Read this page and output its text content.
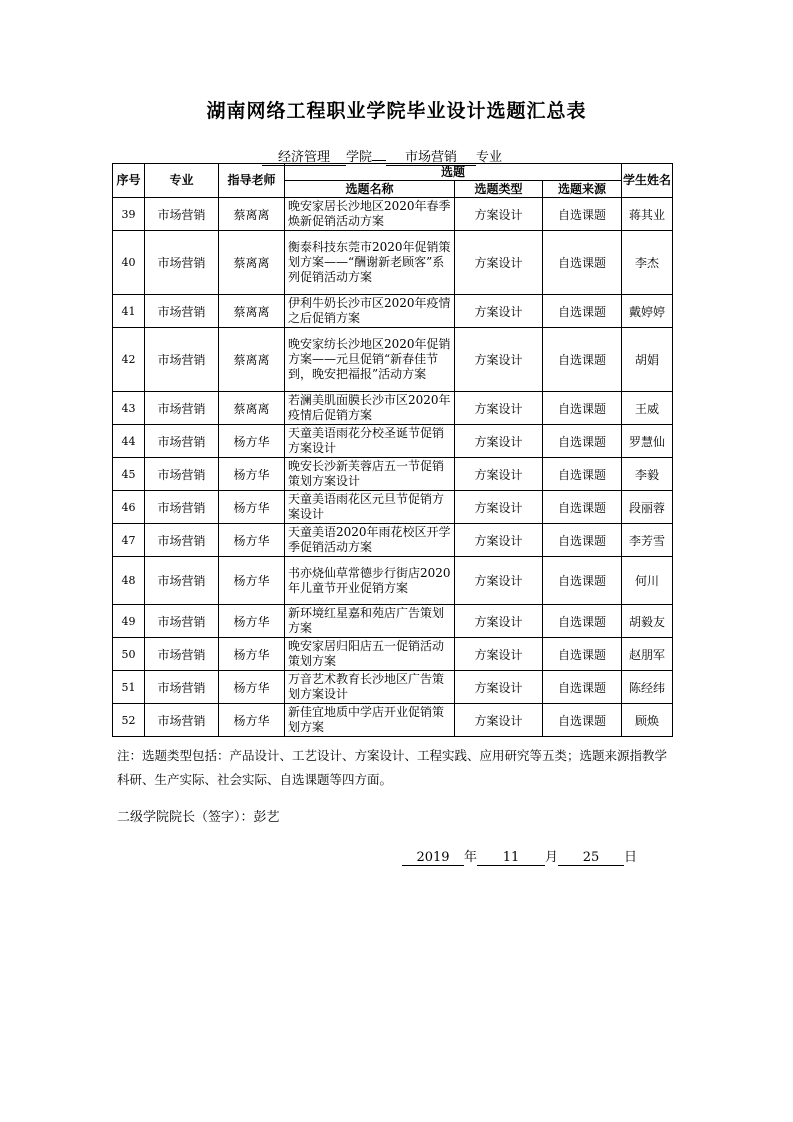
湖南网络工程职业学院毕业设计选题汇总表
经济管理 学院	市场营销 专业
序号	专业	指导老师	选题			学生姓名
			选题名称	选题类型	选题来源	
39	市场营销	蔡离离	晚安家居长沙地区2020年春季焕新促销活动方案	方案设计	自选课题	蒋其业
40	市场营销	蔡离离	衡泰科技东莞市2020年促销策划方案——“酬谢新老顾客”系列促销活动方案	方案设计	自选课题	李杰
41	市场营销	蔡离离	伊利牛奶长沙市区2020年疫情之后促销方案	方案设计	自选课题	戴婷婷
42	市场营销	蔡离离	晚安家纺长沙地区2020年促销方案——元旦促销“新春佳节到，晚安把福报”活动方案	方案设计	自选课题	胡娟
43	市场营销	蔡离离	若澜美肌面膜长沙市区2020年疫情后促销方案	方案设计	自选课题	王威
44	市场营销	杨方华	天童美语雨花分校圣诞节促销方案设计	方案设计	自选课题	罗慧仙
45	市场营销	杨方华	晚安长沙新芙蓉店五一节促销策划方案设计	方案设计	自选课题	李毅
46	市场营销	杨方华	天童美语雨花区元旦节促销方案设计	方案设计	自选课题	段丽蓉
47	市场营销	杨方华	天童美语2020年雨花校区开学季促销活动方案	方案设计	自选课题	李芳雪
48	市场营销	杨方华	书亦烧仙草常德步行街店2020年儿童节开业促销方案	方案设计	自选课题	何川
49	市场营销	杨方华	新环境红星嘉和苑店广告策划方案	方案设计	自选课题	胡毅友
50	市场营销	杨方华	晚安家居归阳店五一促销活动策划方案	方案设计	自选课题	赵朋军
51	市场营销	杨方华	万音艺术教育长沙地区广告策划方案设计	方案设计	自选课题	陈经纬
52	市场营销	杨方华	新佳宜地质中学店开业促销策划方案	方案设计	自选课题	顾焕
注：选题类型包括：产品设计、工艺设计、方案设计、工程实践、应用研究等五类；选题来源指教学科研、生产实际、社会实际、自选课题等四方面。
二级学院院长（签字）：彭艺
2019 年 11 月 25 日
